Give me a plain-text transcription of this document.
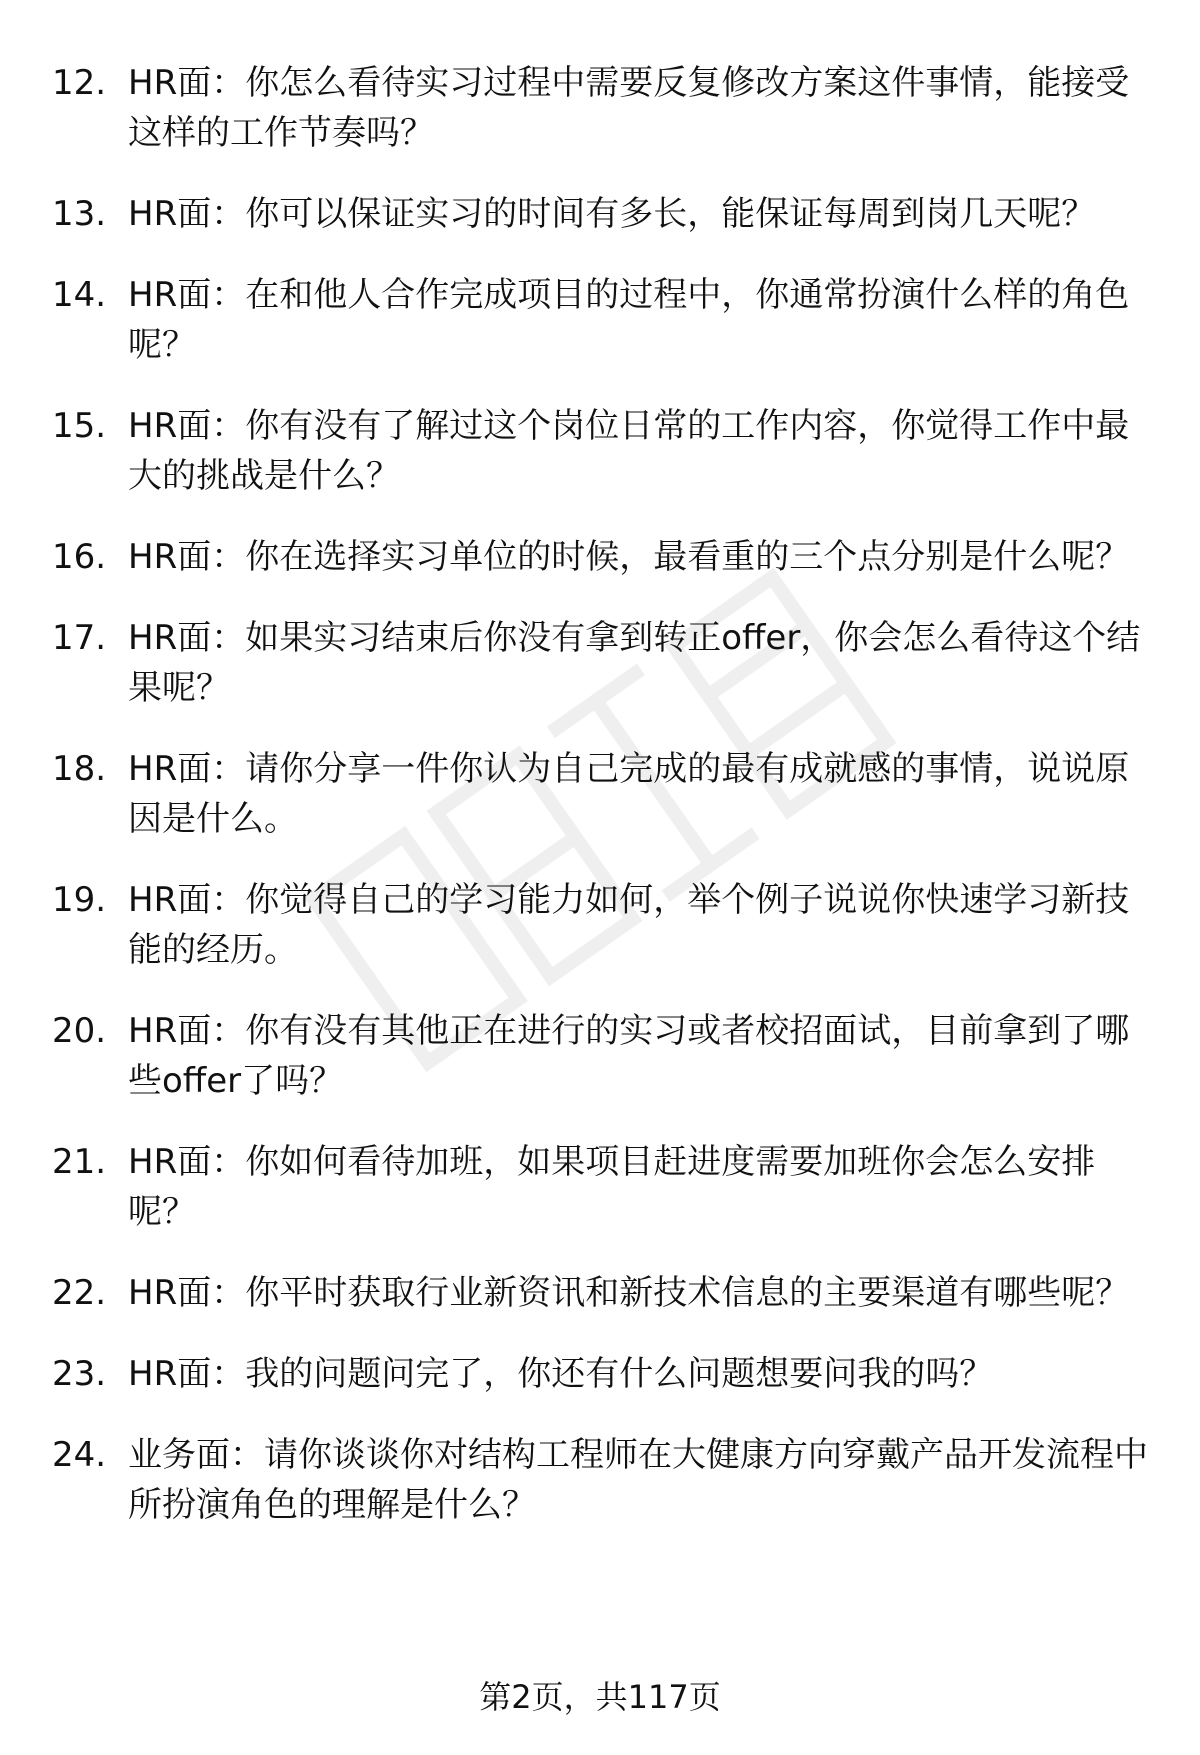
12. HR面：你怎么看待实习过程中需要反复修改方案这件事情，能接受这样的工作节奏吗？
13. HR面：你可以保证实习的时间有多长，能保证每周到岗几天呢？
14. HR面：在和他人合作完成项目的过程中，你通常扮演什么样的角色呢？
15. HR面：你有没有了解过这个岗位日常的工作内容，你觉得工作中最大的挑战是什么？
16. HR面：你在选择实习单位的时候，最看重的三个点分别是什么呢？
17. HR面：如果实习结束后你没有拿到转正offer，你会怎么看待这个结果呢？
18. HR面：请你分享一件你认为自己完成的最有成就感的事情，说说原因是什么。
19. HR面：你觉得自己的学习能力如何，举个例子说说你快速学习新技能的经历。
20. HR面：你有没有其他正在进行的实习或者校招面试，目前拿到了哪些offer了吗？
21. HR面：你如何看待加班，如果项目赶进度需要加班你会怎么安排呢？
22. HR面：你平时获取行业新资讯和新技术信息的主要渠道有哪些呢？
23. HR面：我的问题问完了，你还有什么问题想要问我的吗？
24. 业务面：请你谈谈你对结构工程师在大健康方向穿戴产品开发流程中所扮演角色的理解是什么？
第2页，共117页
